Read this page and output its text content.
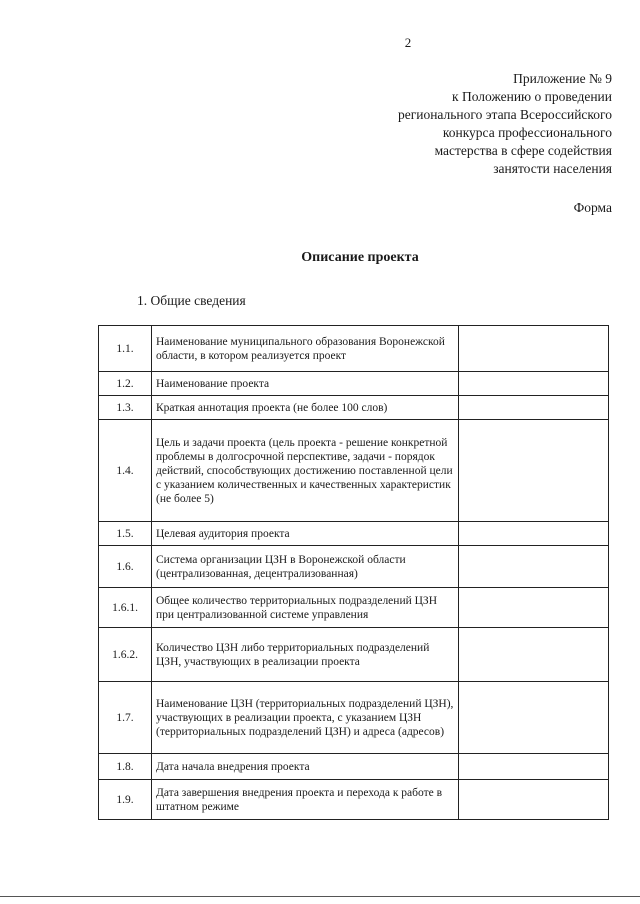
2
Приложение № 9
к Положению о проведении
регионального этапа Всероссийского
конкурса профессионального
мастерства в сфере содействия
занятости населения
Форма
Описание проекта
1. Общие сведения
1.1.	Наименование муниципального образования Воронежской области, в котором реализуется проект	
1.2.	Наименование проекта	
1.3.	Краткая аннотация проекта (не более 100 слов)	
1.4.	Цель и задачи проекта (цель проекта - решение конкретной проблемы в долгосрочной перспективе, задачи - порядок действий, способствующих достижению поставленной цели с указанием количественных и качественных характеристик (не более 5)	
1.5.	Целевая аудитория проекта	
1.6.	Система организации ЦЗН в Воронежской области (централизованная, децентрализованная)	
1.6.1.	Общее количество территориальных подразделений ЦЗН при централизованной системе управления	
1.6.2.	Количество ЦЗН либо территориальных подразделений ЦЗН, участвующих в реализации проекта	
1.7.	Наименование ЦЗН (территориальных подразделений ЦЗН), участвующих в реализации проекта, с указанием ЦЗН (территориальных подразделений ЦЗН) и адреса (адресов)	
1.8.	Дата начала внедрения проекта	
1.9.	Дата завершения внедрения проекта и перехода к работе в штатном режиме	
